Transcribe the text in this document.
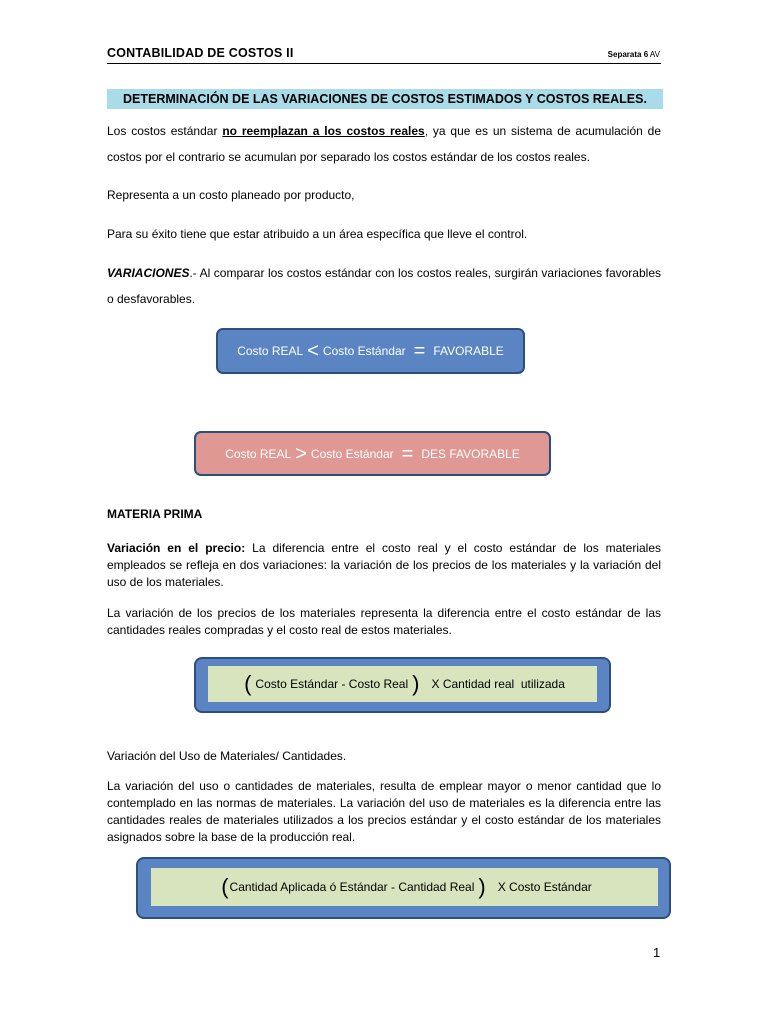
CONTABILIDAD DE COSTOS II	Separata 6 AV
DETERMINACIÓN DE LAS VARIACIONES DE COSTOS ESTIMADOS Y COSTOS REALES.
Los costos estándar no reemplazan a los costos reales, ya que es un sistema de acumulación de costos por el contrario se acumulan por separado los costos estándar de los costos reales.
Representa a un costo planeado por producto,
Para su éxito tiene que estar atribuido a un área específica que lleve el control.
VARIACIONES.- Al comparar los costos estándar con los costos reales, surgirán variaciones favorables o desfavorables.
Costo REAL < Costo Estándar = FAVORABLE
Costo REAL > Costo Estándar = DES FAVORABLE
MATERIA PRIMA
Variación en el precio: La diferencia entre el costo real y el costo estándar de los materiales empleados se refleja en dos variaciones: la variación de los precios de los materiales y la variación del uso de los materiales.
La variación de los precios de los materiales representa la diferencia entre el costo estándar de las cantidades reales compradas y el costo real de estos materiales.
( Costo Estándar - Costo Real ) X Cantidad real  utilizada
Variación del Uso de Materiales/ Cantidades.
La variación del uso o cantidades de materiales, resulta de emplear mayor o menor cantidad que lo contemplado en las normas de materiales. La variación del uso de materiales es la diferencia entre las cantidades reales de materiales utilizados a los precios estándar y el costo estándar de los materiales asignados sobre la base de la producción real.
( Cantidad Aplicada ó Estándar - Cantidad Real ) X Costo Estándar
1
